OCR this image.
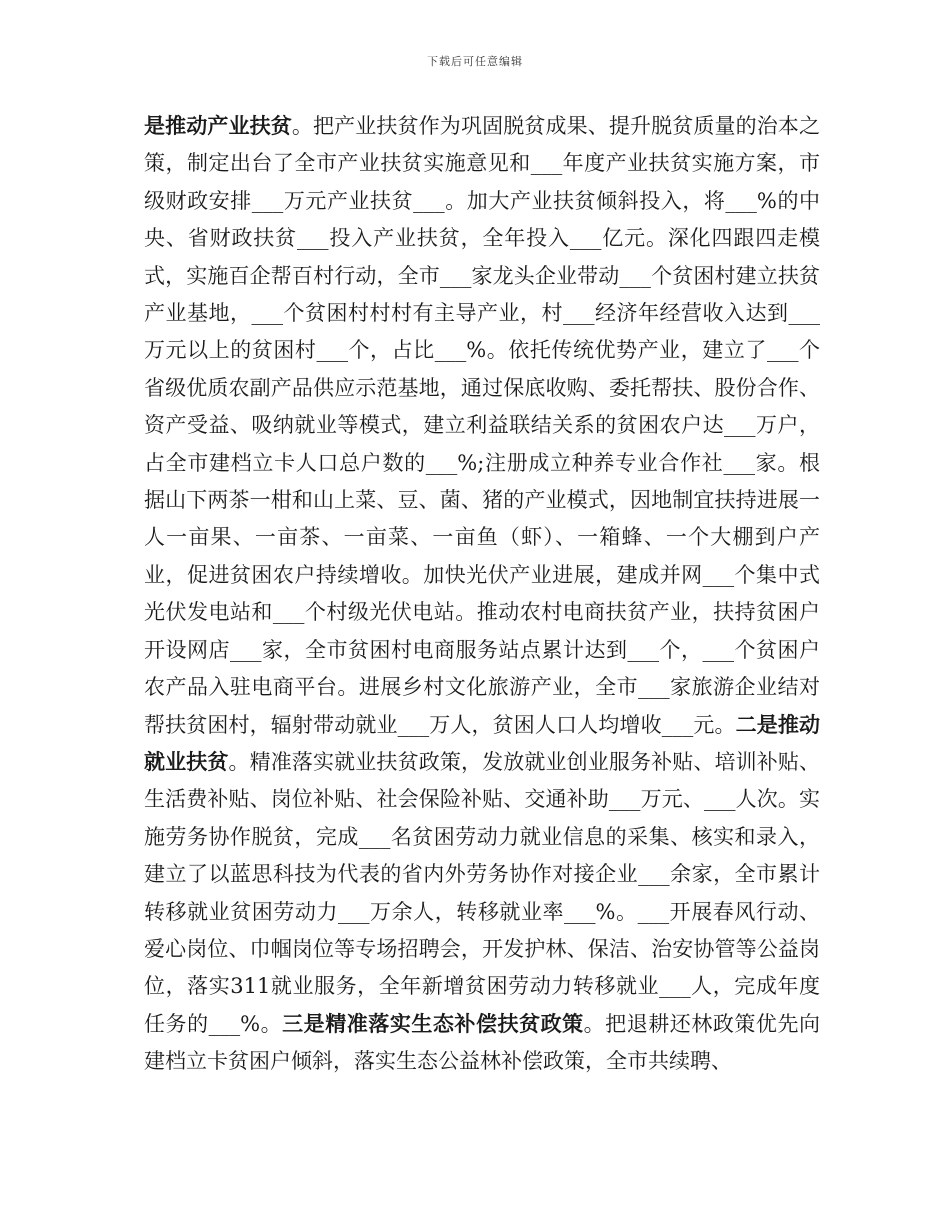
下载后可任意编辑

是推动产业扶贫。把产业扶贫作为巩固脱贫成果、提升脱贫质量的治本之策，制定出台了全市产业扶贫实施意见和___年度产业扶贫实施方案，市级财政安排___万元产业扶贫___。加大产业扶贫倾斜投入，将___%的中央、省财政扶贫___投入产业扶贫，全年投入___亿元。深化四跟四走模式，实施百企帮百村行动，全市___家龙头企业带动___个贫困村建立扶贫产业基地，___个贫困村村村有主导产业，村___经济年经营收入达到___万元以上的贫困村___个，占比___%。依托传统优势产业，建立了___个省级优质农副产品供应示范基地，通过保底收购、委托帮扶、股份合作、资产受益、吸纳就业等模式，建立利益联结关系的贫困农户达___万户，占全市建档立卡人口总户数的___%;注册成立种养专业合作社___家。根据山下两茶一柑和山上菜、豆、菌、猪的产业模式，因地制宜扶持进展一人一亩果、一亩茶、一亩菜、一亩鱼（虾）、一箱蜂、一个大棚到户产业，促进贫困农户持续增收。加快光伏产业进展，建成并网___个集中式光伏发电站和___个村级光伏电站。推动农村电商扶贫产业，扶持贫困户开设网店___家，全市贫困村电商服务站点累计达到___个，___个贫困户农产品入驻电商平台。进展乡村文化旅游产业，全市___家旅游企业结对帮扶贫困村，辐射带动就业___万人，贫困人口人均增收___元。二是推动就业扶贫。精准落实就业扶贫政策，发放就业创业服务补贴、培训补贴、生活费补贴、岗位补贴、社会保险补贴、交通补助___万元、___人次。实施劳务协作脱贫，完成___名贫困劳动力就业信息的采集、核实和录入，建立了以蓝思科技为代表的省内外劳务协作对接企业___余家，全市累计转移就业贫困劳动力___万余人，转移就业率___%。___开展春风行动、爱心岗位、巾帼岗位等专场招聘会，开发护林、保洁、治安协管等公益岗位，落实311就业服务，全年新增贫困劳动力转移就业___人，完成年度任务的___%。三是精准落实生态补偿扶贫政策。把退耕还林政策优先向建档立卡贫困户倾斜，落实生态公益林补偿政策，全市共续聘、
